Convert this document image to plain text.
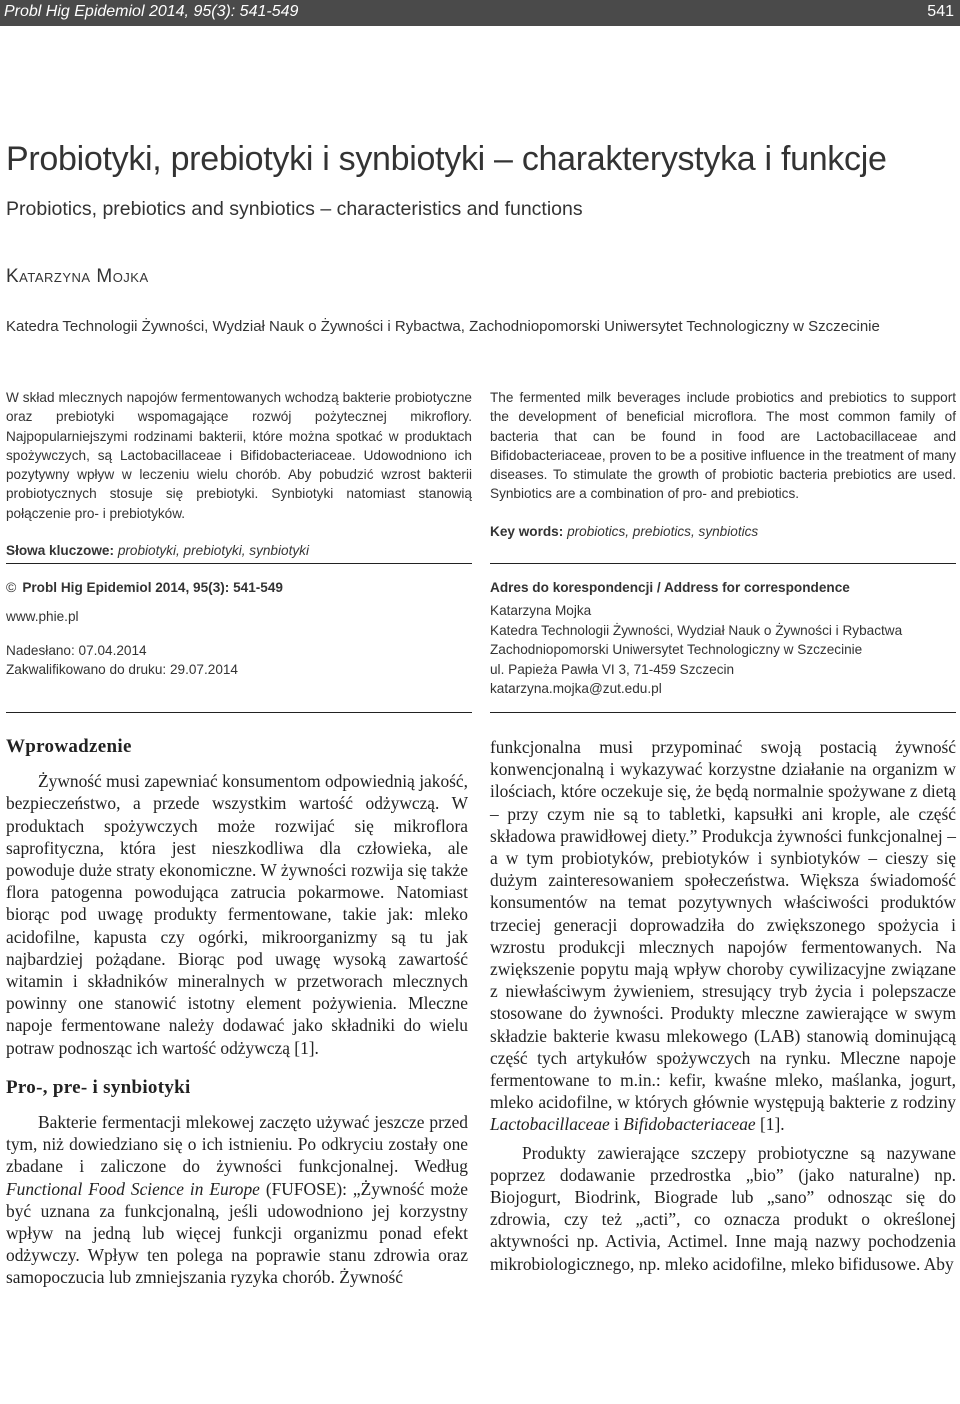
Probl Hig Epidemiol 2014, 95(3): 541-549	541
Probiotyki, prebiotyki i synbiotyki – charakterystyka i funkcje
Probiotics, prebiotics and synbiotics – characteristics and functions
Katarzyna Mojka
Katedra Technologii Żywności, Wydział Nauk o Żywności i Rybactwa, Zachodniopomorski Uniwersytet Technologiczny w Szczecinie

W skład mlecznych napojów fermentowanych wchodzą bakterie probiotyczne oraz prebiotyki wspomagające rozwój pożytecznej mikroflory. Najpopularniejszymi rodzinami bakterii, które można spotkać w produktach spożywczych, są Lactobacillaceae i Bifidobacteriaceae. Udowodniono ich pozytywny wpływ w leczeniu wielu chorób. Aby pobudzić wzrost bakterii probiotycznych stosuje się prebiotyki. Synbiotyki natomiast stanowią połączenie pro- i prebiotyków.

Słowa kluczowe: probiotyki, prebiotyki, synbiotyki

The fermented milk beverages include probiotics and prebiotics to support the development of beneficial microflora. The most common family of bacteria that can be found in food are Lactobacillaceae and Bifidobacteriaceae, proven to be a positive influence in the treatment of many diseases. To stimulate the growth of probiotic bacteria prebiotics are used. Synbiotics are a combination of pro- and prebiotics.

Key words: probiotics, prebiotics, synbiotics

© Probl Hig Epidemiol 2014, 95(3): 541-549
www.phie.pl
Nadesłano: 07.04.2014
Zakwalifikowano do druku: 29.07.2014
Adres do korespondencji / Address for correspondence
Katarzyna Mojka
Katedra Technologii Żywności, Wydział Nauk o Żywności i Rybactwa
Zachodniopomorski Uniwersytet Technologiczny w Szczecinie
ul. Papieża Pawła VI 3, 71-459 Szczecin
katarzyna.mojka@zut.edu.pl
Wprowadzenie

Żywność musi zapewniać konsumentom odpowiednią jakość, bezpieczeństwo, a przede wszystkim wartość odżywczą. W produktach spożywczych może rozwijać się mikroflora saprofityczna, która jest nieszkodliwa dla człowieka, ale powoduje duże straty ekonomiczne. W żywności rozwija się także flora patogenna powodująca zatrucia pokarmowe. Natomiast biorąc pod uwagę produkty fermentowane, takie jak: mleko acidofilne, kapusta czy ogórki, mikroorganizmy są tu jak najbardziej pożądane. Biorąc pod uwagę wysoką zawartość witamin i składników mineralnych w przetworach mlecznych powinny one stanowić istotny element pożywienia. Mleczne napoje fermentowane należy dodawać jako składniki do wielu potraw podnosząc ich wartość odżywczą [1].

Pro-, pre- i synbiotyki

Bakterie fermentacji mlekowej zaczęto używać jeszcze przed tym, niż dowiedziano się o ich istnieniu. Po odkryciu zostały one zbadane i zaliczone do żywności funkcjonalnej. Według Functional Food Science in Europe (FUFOSE): „Żywność może być uznana za funkcjonalną, jeśli udowodniono jej korzystny wpływ na jedną lub więcej funkcji organizmu ponad efekt odżywczy. Wpływ ten polega na poprawie stanu zdrowia oraz samopoczucia lub zmniejszania ryzyka chorób. Żywność

funkcjonalna musi przypominać swoją postacią żywność konwencjonalną i wykazywać korzystne działanie na organizm w ilościach, które oczekuje się, że będą normalnie spożywane z dietą – przy czym nie są to tabletki, kapsułki ani krople, ale część składowa prawidłowej diety.” Produkcja żywności funkcjonalnej – a w tym probiotyków, prebiotyków i synbiotyków – cieszy się dużym zainteresowaniem społeczeństwa. Większa świadomość konsumentów na temat pozytywnych właściwości produktów trzeciej generacji doprowadziła do zwiększonego spożycia i wzrostu produkcji mlecznych napojów fermentowanych. Na zwiększenie popytu mają wpływ choroby cywilizacyjne związane z niewłaściwym żywieniem, stresujący tryb życia i polepszacze stosowane do żywności. Produkty mleczne zawierające w swym składzie bakterie kwasu mlekowego (LAB) stanowią dominującą część tych artykułów spożywczych na rynku. Mleczne napoje fermentowane to m.in.: kefir, kwaśne mleko, maślanka, jogurt, mleko acidofilne, w których głównie występują bakterie z rodziny Lactobacillaceae i Bifidobacteriaceae [1].

Produkty zawierające szczepy probiotyczne są nazywane poprzez dodawanie przedrostka „bio” (jako naturalne) np. Biojogurt, Biodrink, Biograde lub „sano” odnosząc się do zdrowia, czy też „acti”, co oznacza produkt o określonej aktywności np. Activia, Actimel. Inne mają nazwy pochodzenia mikrobiologicznego, np. mleko acidofilne, mleko bifidusowe. Aby
